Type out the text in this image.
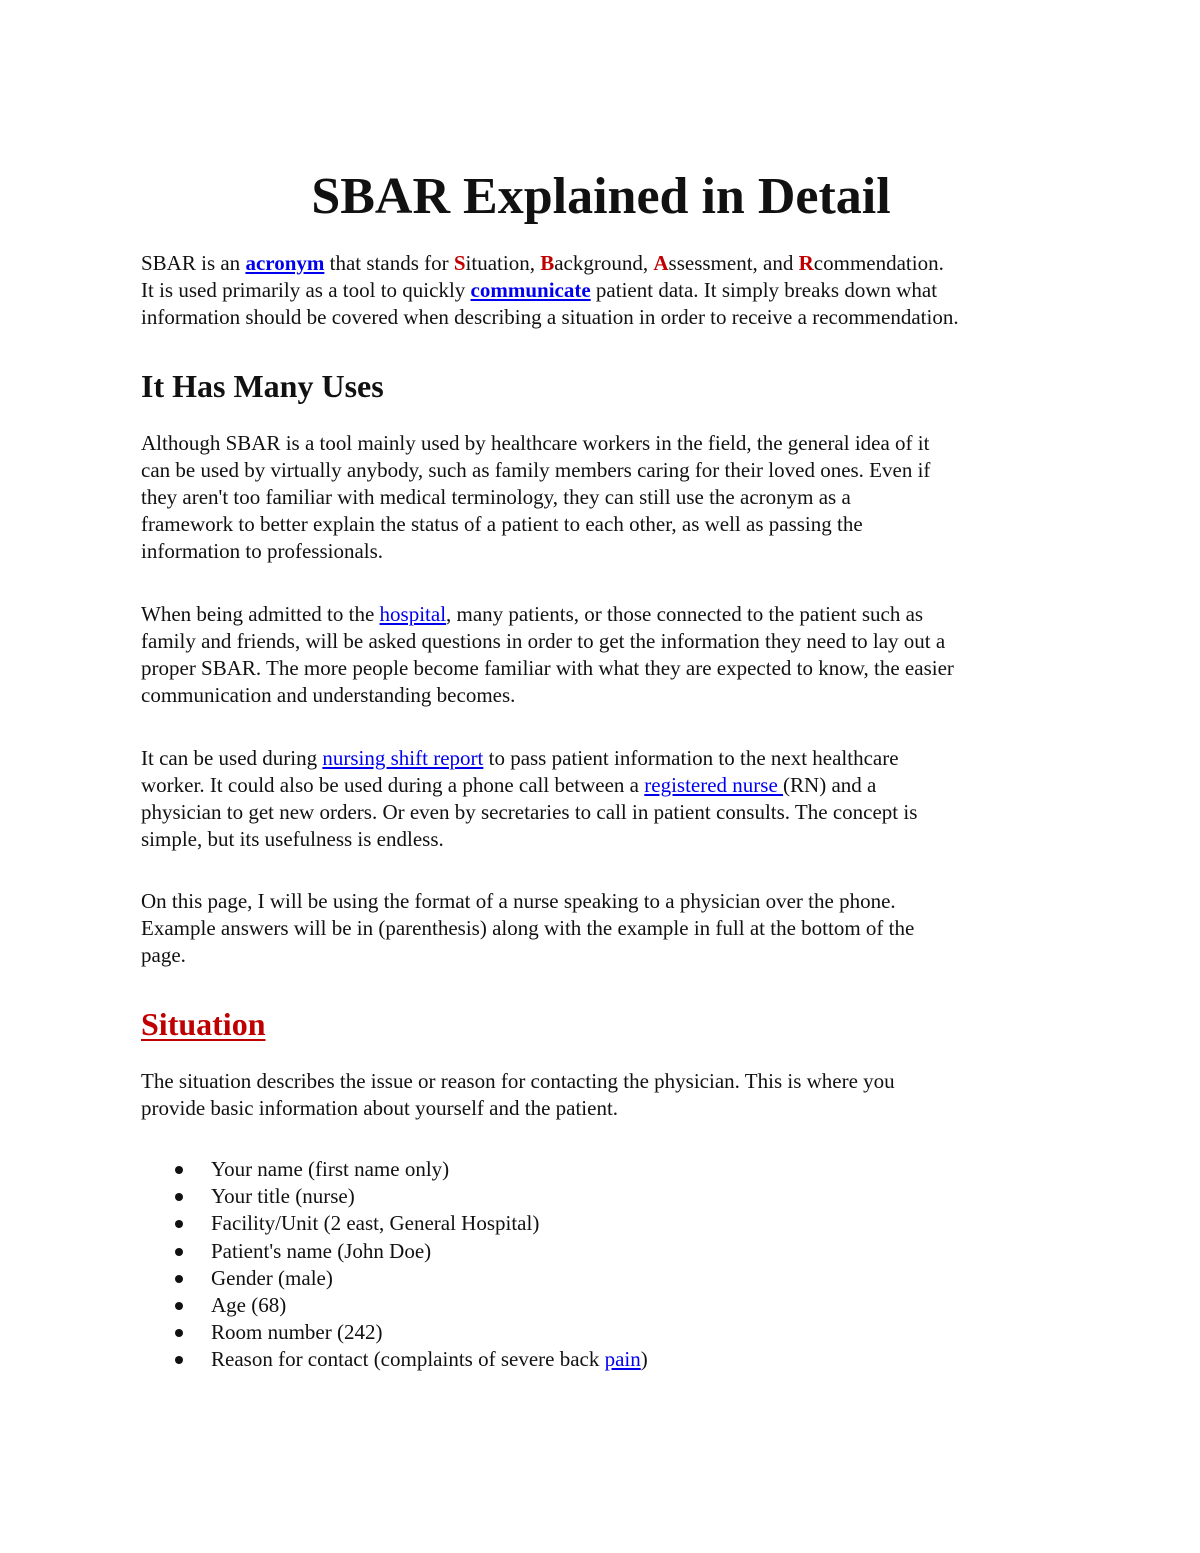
SBAR Explained in Detail

SBAR is an acronym that stands for Situation, Background, Assessment, and Rcommendation.
It is used primarily as a tool to quickly communicate patient data. It simply breaks down what
information should be covered when describing a situation in order to receive a recommendation.

It Has Many Uses

Although SBAR is a tool mainly used by healthcare workers in the field, the general idea of it
can be used by virtually anybody, such as family members caring for their loved ones. Even if
they aren't too familiar with medical terminology, they can still use the acronym as a
framework to better explain the status of a patient to each other, as well as passing the
information to professionals.

When being admitted to the hospital, many patients, or those connected to the patient such as
family and friends, will be asked questions in order to get the information they need to lay out a
proper SBAR. The more people become familiar with what they are expected to know, the easier
communication and understanding becomes.

It can be used during nursing shift report to pass patient information to the next healthcare
worker. It could also be used during a phone call between a registered nurse (RN) and a
physician to get new orders. Or even by secretaries to call in patient consults. The concept is
simple, but its usefulness is endless.

On this page, I will be using the format of a nurse speaking to a physician over the phone.
Example answers will be in (parenthesis) along with the example in full at the bottom of the
page.

Situation

The situation describes the issue or reason for contacting the physician. This is where you
provide basic information about yourself and the patient.

Your name (first name only)
Your title (nurse)
Facility/Unit (2 east, General Hospital)
Patient's name (John Doe)
Gender (male)
Age (68)
Room number (242)
Reason for contact (complaints of severe back pain)
